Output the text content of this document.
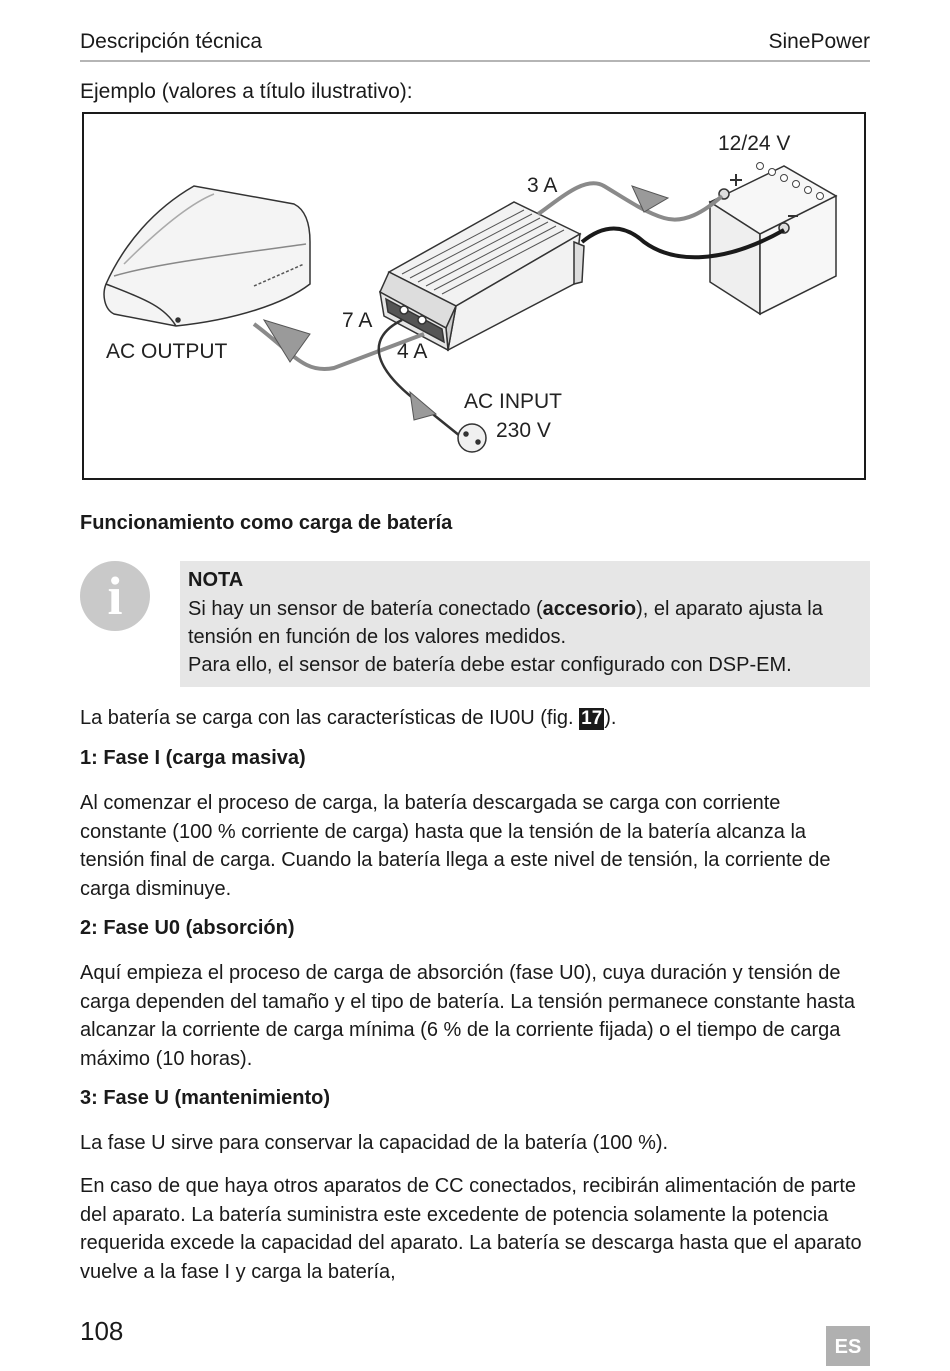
Descripción técnica	SinePower
Ejemplo (valores a título ilustrativo):
12/24 V
3 A
7 A
4 A
AC OUTPUT
AC INPUT
230 V
Funcionamiento como carga de batería
i	NOTA
Si hay un sensor de batería conectado (accesorio), el aparato ajusta la tensión en función de los valores medidos.
Para ello, el sensor de batería debe estar configurado con DSP-EM.
La batería se carga con las características de IU0U (fig. 17 ).
1: Fase I (carga masiva)
Al comenzar el proceso de carga, la batería descargada se carga con corriente constante (100 % corriente de carga) hasta que la tensión de la batería alcanza la tensión final de carga. Cuando la batería llega a este nivel de tensión, la corriente de carga disminuye.
2: Fase U0 (absorción)
Aquí empieza el proceso de carga de absorción (fase U0), cuya duración y tensión de carga dependen del tamaño y el tipo de batería. La tensión permanece constante hasta alcanzar la corriente de carga mínima (6 % de la corriente fijada) o el tiempo de carga máximo (10 horas).
3: Fase U (mantenimiento)
La fase U sirve para conservar la capacidad de la batería (100 %).
En caso de que haya otros aparatos de CC conectados, recibirán alimentación de parte del aparato. La batería suministra este excedente de potencia solamente la potencia requerida excede la capacidad del aparato. La batería se descarga hasta que el aparato vuelve a la fase I y carga la batería,
108
ES
